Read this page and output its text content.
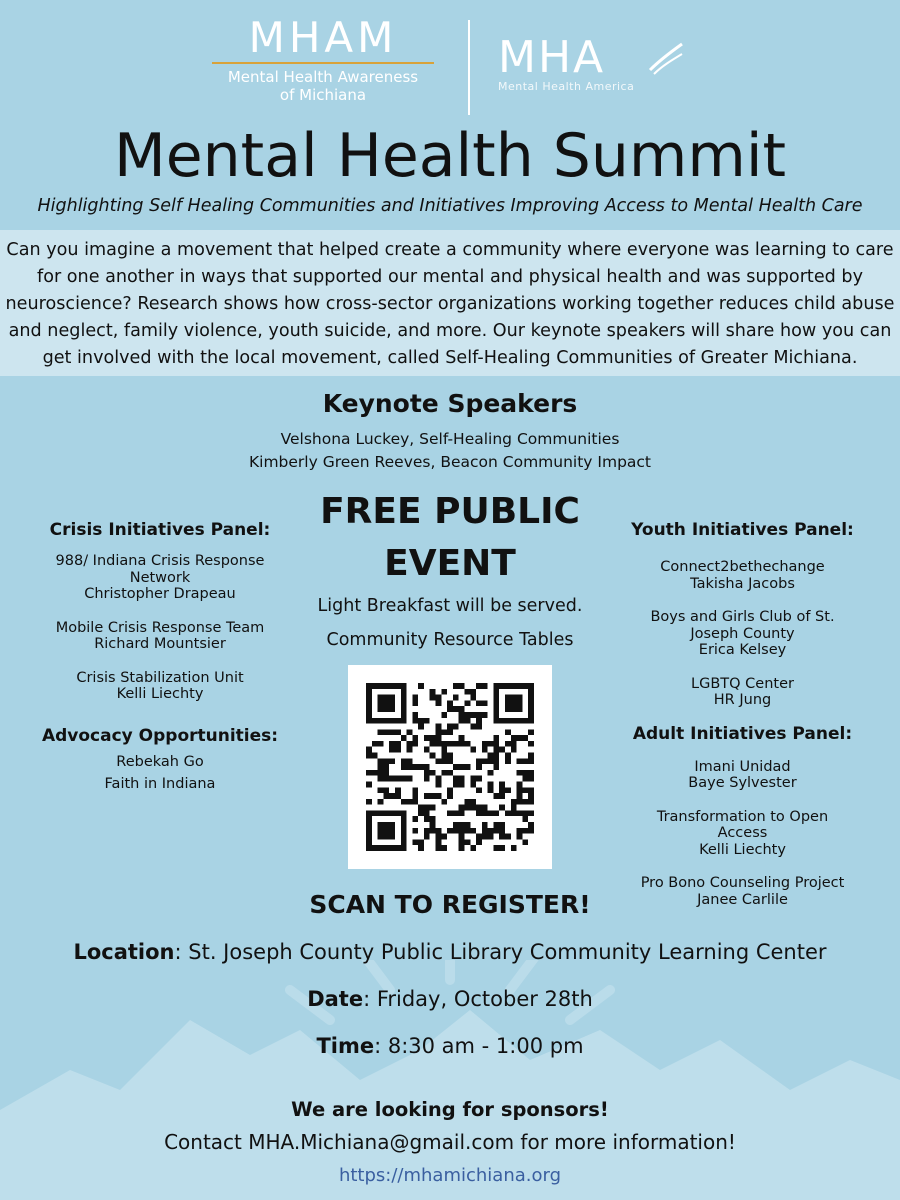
MHAM
Mental Health Awareness
of Michiana
MHA
Mental Health America
Mental Health Summit
Highlighting Self Healing Communities and Initiatives Improving Access to Mental Health Care
Can you imagine a movement that helped create a community where everyone was learning to care for one another in ways that supported our mental and physical health and was supported by neuroscience? Research shows how cross-sector organizations working together reduces child abuse and neglect, family violence, youth suicide, and more. Our keynote speakers will share how you can get involved with the local movement, called Self-Healing Communities of Greater Michiana.
Keynote Speakers
Velshona Luckey, Self-Healing Communities
Kimberly Green Reeves, Beacon Community Impact
Crisis Initiatives Panel:
988/ Indiana Crisis Response Network
Christopher Drapeau
Mobile Crisis Response Team
Richard Mountsier
Crisis Stabilization Unit
Kelli Liechty
Advocacy Opportunities:
Rebekah Go
Faith in Indiana
FREE PUBLIC
EVENT
Light Breakfast will be served.
Community Resource Tables
Youth Initiatives Panel:
Connect2bethechange
Takisha Jacobs
Boys and Girls Club of St. Joseph County
Erica Kelsey
LGBTQ Center
HR Jung
Adult Initiatives Panel:
Imani Unidad
Baye Sylvester
Transformation to Open Access
Kelli Liechty
Pro Bono Counseling Project
Janee Carlile
SCAN TO REGISTER!
Location: St. Joseph County Public Library Community Learning Center
Date: Friday, October 28th
Time: 8:30 am - 1:00 pm
We are looking for sponsors!
Contact MHA.Michiana@gmail.com for more information!
https://mhamichiana.org
